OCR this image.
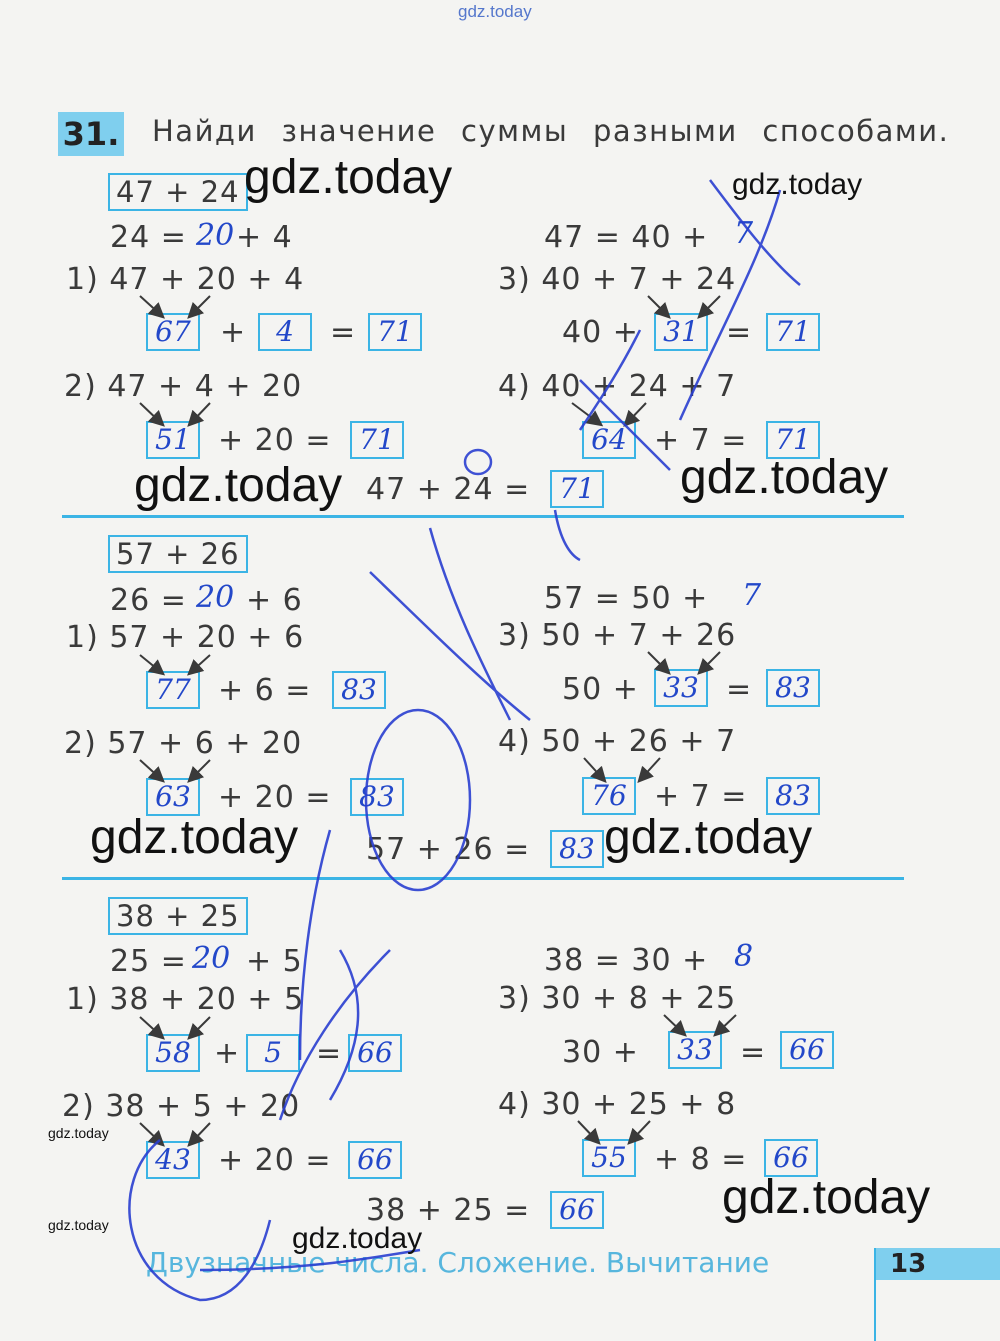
gdz.today
31. Найди значение суммы разными способами.
47 + 24
24 = 20 + 4
1) 47 + 20 + 4
67 +	4	= 71
2) 47 + 4 + 20
51 + 20 = 71
47 = 40 + 7
3) 40 + 7 + 24
40 + 31 = 71
4) 40 + 24 + 7
64 + 7 = 71
47 + 24 =	71
57 + 26
26 = 20 + 6
1) 57 + 20 + 6
77 + 6 =	83
2) 57 + 6 + 20
63 + 20 = 83
57 = 50 + 7
3) 50 + 7 + 26
50 + 33 = 83
4) 50 + 26 + 7
76 + 7 = 83
57 + 26 =	83
38 + 25
25 = 20 + 5
1) 38 + 20 + 5
58 + 5	= 66
2) 38 + 5 + 20
43 + 20 = 66
38 = 30 + 8
3) 30 + 8 + 25
30 +	33 = 66
4) 30 + 25 + 8
55 + 8 = 66
38 + 25 =	66
Двузначные числа. Сложение. Вычитание	13
gdz.today	gdz.today
gdz.today	gdz.today
gdz.today	gdz.today
gdz.today
gdz.today
gdz.today	gdz.today
